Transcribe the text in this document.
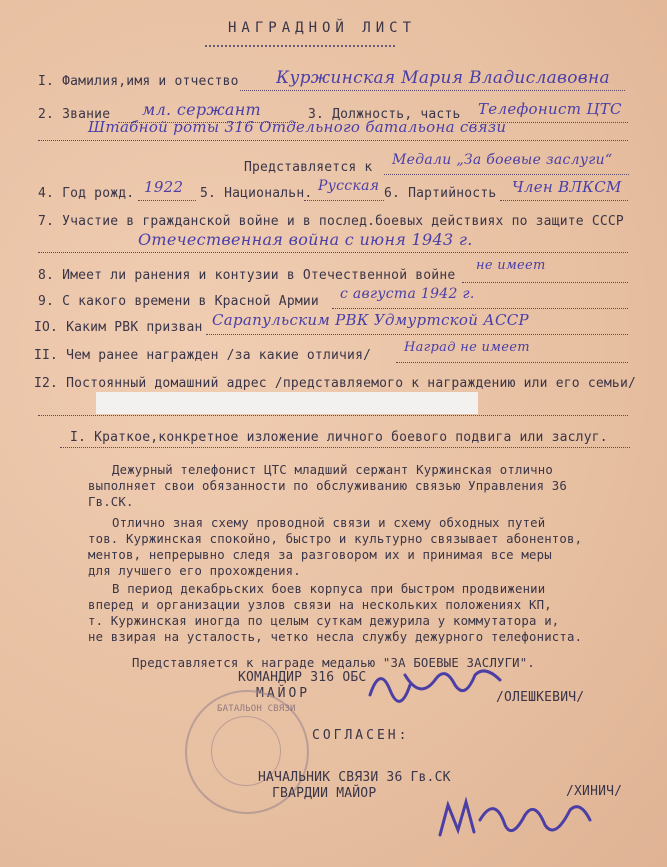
НАГРАДНОЙ ЛИСТ
I. Фамилия,имя и отчество Куржинская Мария Владиславовна
2. Звание мл. сержант	3. Должность, часть Телефонист ЦТС
Штабной роты 316 Отдельного батальона связи
Представляется к Медали „За боевые заслуги“
4. Год рожд. 1922 5. Национальн. Русская 6. Партийность Член ВЛКСМ
7. Участие в гражданской войне и в послед.боевых действиях по защите СССР
Отечественная война с июня 1943 г.
8. Имеет ли ранения и контузии в Отечественной войне
не имеет
9. С какого времени в Красной Армии с августа 1942 г.
IO. Каким РВК призван Сарапульским РВК Удмуртской АССР
II. Чем ранее награжден /за какие отличия/
Наград не имеет
I2. Постоянный домашний адрес /представляемого к награждению или его семьи/
I. Краткое,конкретное изложение личного боевого подвига или заслуг.
Дежурный телефонист ЦТС младший сержант Куржинская отлично
выполняет свои обязанности по обслуживанию связью Управления 36
Гв.СК.
Отлично зная схему проводной связи и схему обходных путей
тов. Куржинская спокойно, быстро и культурно связывает абонентов,
ментов, непрерывно следя за разговором их и принимая все меры
для лучшего его прохождения.
В период декабрьских боев корпуса при быстром продвижении
вперед и организации узлов связи на нескольких положениях КП,
т. Куржинская иногда по целым суткам дежурила у коммутатора и,
не взирая на усталость, четко несла службу дежурного телефониста.
Представляется к награде медалью "ЗА БОЕВЫЕ ЗАСЛУГИ".
КОМАНДИР 316 ОБС
МАЙОР	/ОЛЕШКЕВИЧ/
БАТАЛЬОН СВЯЗИ
СОГЛАСЕН:
НАЧАЛЬНИК СВЯЗИ 36 Гв.СК
ГВАРДИИ МАЙОР	/ХИНИЧ/
